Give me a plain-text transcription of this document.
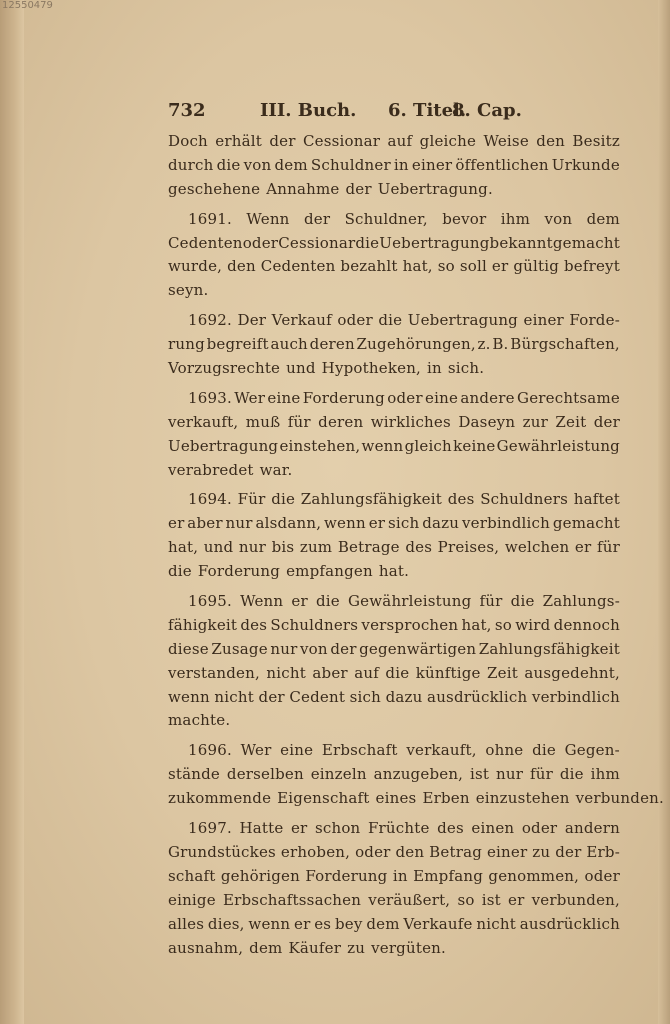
12550479
732	III. Buch. 6. Titel.
8. Cap.
Doch erhält der Cessionar auf gleiche Weise den Besitz
durch die von dem Schuldner in einer öffentlichen Urkunde
geschehene Annahme der Uebertragung.
1691. Wenn der Schuldner, bevor ihm von dem
Cedenten oder Cessionar die Uebertragung bekannt gemacht
wurde, den Cedenten bezahlt hat, so soll er gültig befreyt
seyn.
1692. Der Verkauf oder die Uebertragung einer Forde-
rung begreift auch deren Zugehörungen, z. B. Bürgschaften,
Vorzugsrechte und Hypotheken, in sich.
1693. Wer eine Forderung oder eine andere Gerechtsame
verkauft, muß für deren wirkliches Daseyn zur Zeit der
Uebertragung einstehen, wenn gleich keine Gewährleistung
verabredet war.
1694. Für die Zahlungsfähigkeit des Schuldners haftet
er aber nur alsdann, wenn er sich dazu verbindlich gemacht
hat, und nur bis zum Betrage des Preises, welchen er für
die Forderung empfangen hat.
1695. Wenn er die Gewährleistung für die Zahlungs-
fähigkeit des Schuldners versprochen hat, so wird dennoch
diese Zusage nur von der gegenwärtigen Zahlungsfähigkeit
verstanden, nicht aber auf die künftige Zeit ausgedehnt,
wenn nicht der Cedent sich dazu ausdrücklich verbindlich
machte.
1696. Wer eine Erbschaft verkauft, ohne die Gegen-
stände derselben einzeln anzugeben, ist nur für die ihm
zukommende Eigenschaft eines Erben einzustehen verbunden.
1697. Hatte er schon Früchte des einen oder andern
Grundstückes erhoben, oder den Betrag einer zu der Erb-
schaft gehörigen Forderung in Empfang genommen, oder
einige Erbschaftssachen veräußert, so ist er verbunden,
alles dies, wenn er es bey dem Verkaufe nicht ausdrücklich
ausnahm, dem Käufer zu vergüten.
